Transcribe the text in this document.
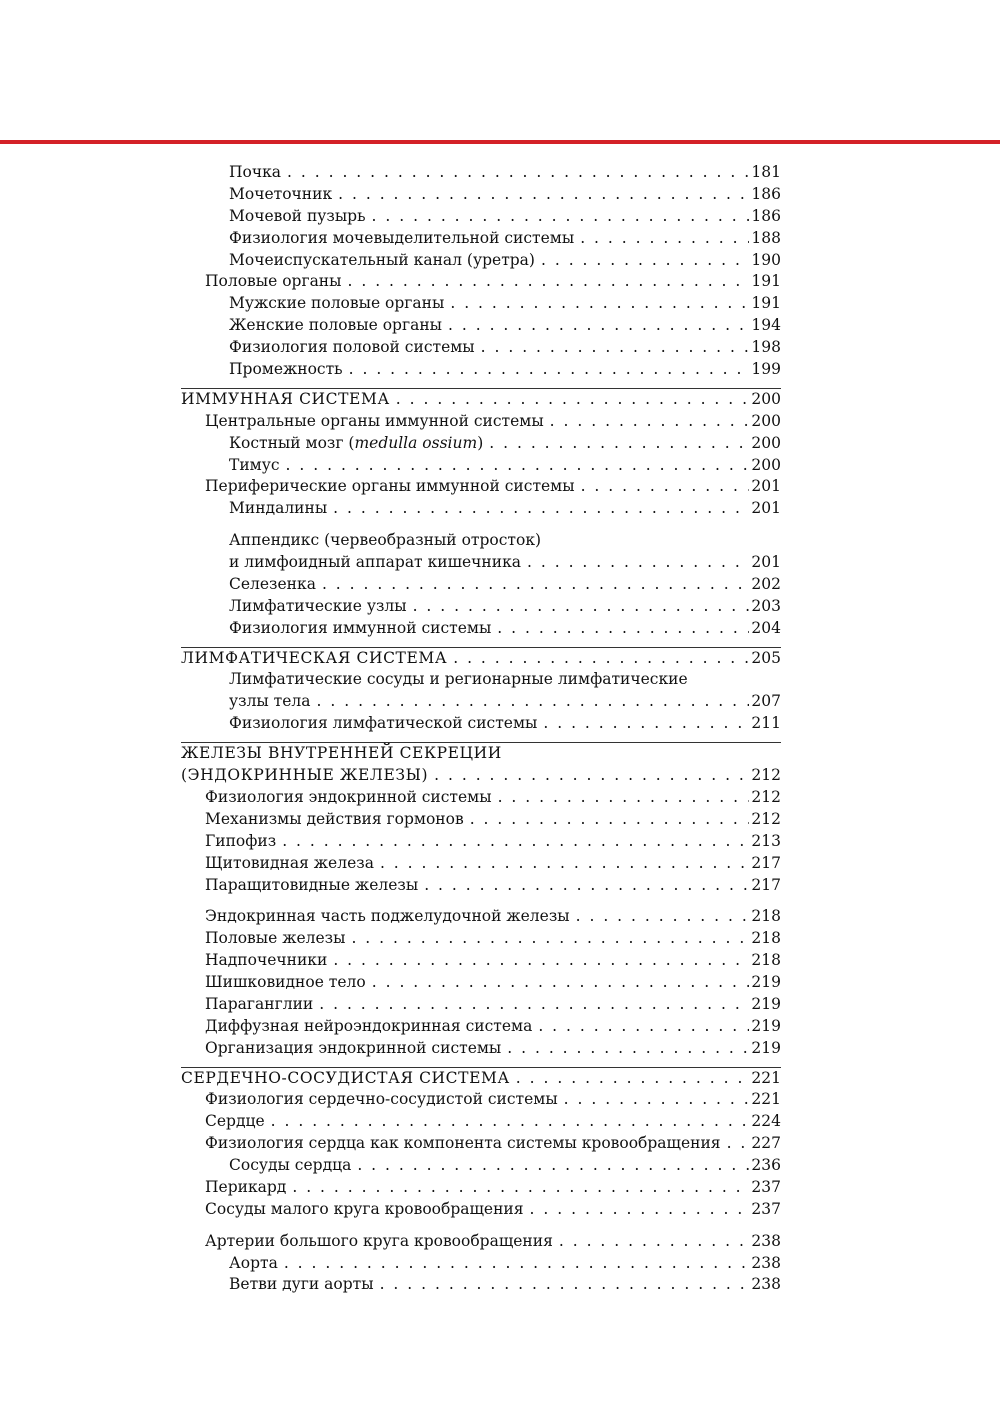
Почка . . .	181
Мочеточник . . .	186
Мочевой пузырь . . .	186
Физиология мочевыделительной системы . . .	188
Мочеиспускательный канал (уретра) . . .	190
Половые органы . . .	191
Мужские половые органы . . .	191
Женские половые органы . . .	194
Физиология половой системы . . .	198
Промежность . . .	199
ИММУННАЯ СИСТЕМА . . .	200
Центральные органы иммунной системы . . .	200
Костный мозг (medulla ossium) . . .	200
Тимус . . .	200
Периферические органы иммунной системы . . .	201
Миндалины . . .	201
Аппендикс (червеобразный отросток)
и лимфоидный аппарат кишечника . . .	201
Селезенка . . .	202
Лимфатические узлы . . .	203
Физиология иммунной системы . . .	204
ЛИМФАТИЧЕСКАЯ СИСТЕМА . . .	205
Лимфатические сосуды и регионарные лимфатические
узлы тела . . .	207
Физиология лимфатической системы . . .	211
ЖЕЛЕЗЫ ВНУТРЕННЕЙ СЕКРЕЦИИ
(ЭНДОКРИННЫЕ ЖЕЛЕЗЫ) . . .	212
Физиология эндокринной системы . . .	212
Механизмы действия гормонов . . .	212
Гипофиз . . .	213
Щитовидная железа . . .	217
Паращитовидные железы . . .	217
Эндокринная часть поджелудочной железы . . .	218
Половые железы . . .	218
Надпочечники . . .	218
Шишковидное тело . . .	219
Параганглии . . .	219
Диффузная нейроэндокринная система . . .	219
Организация эндокринной системы . . .	219
СЕРДЕЧНО-СОСУДИСТАЯ СИСТЕМА . . .	221
Физиология сердечно-сосудистой системы . . .	221
Сердце . . .	224
Физиология сердца как компонента системы кровообращения . . . 227
Сосуды сердца . . .	236
Перикард . . .	237
Сосуды малого круга кровообращения . . .	237
Артерии большого круга кровообращения . . .	238
Аорта . . .	238
Ветви дуги аорты . . .	238
